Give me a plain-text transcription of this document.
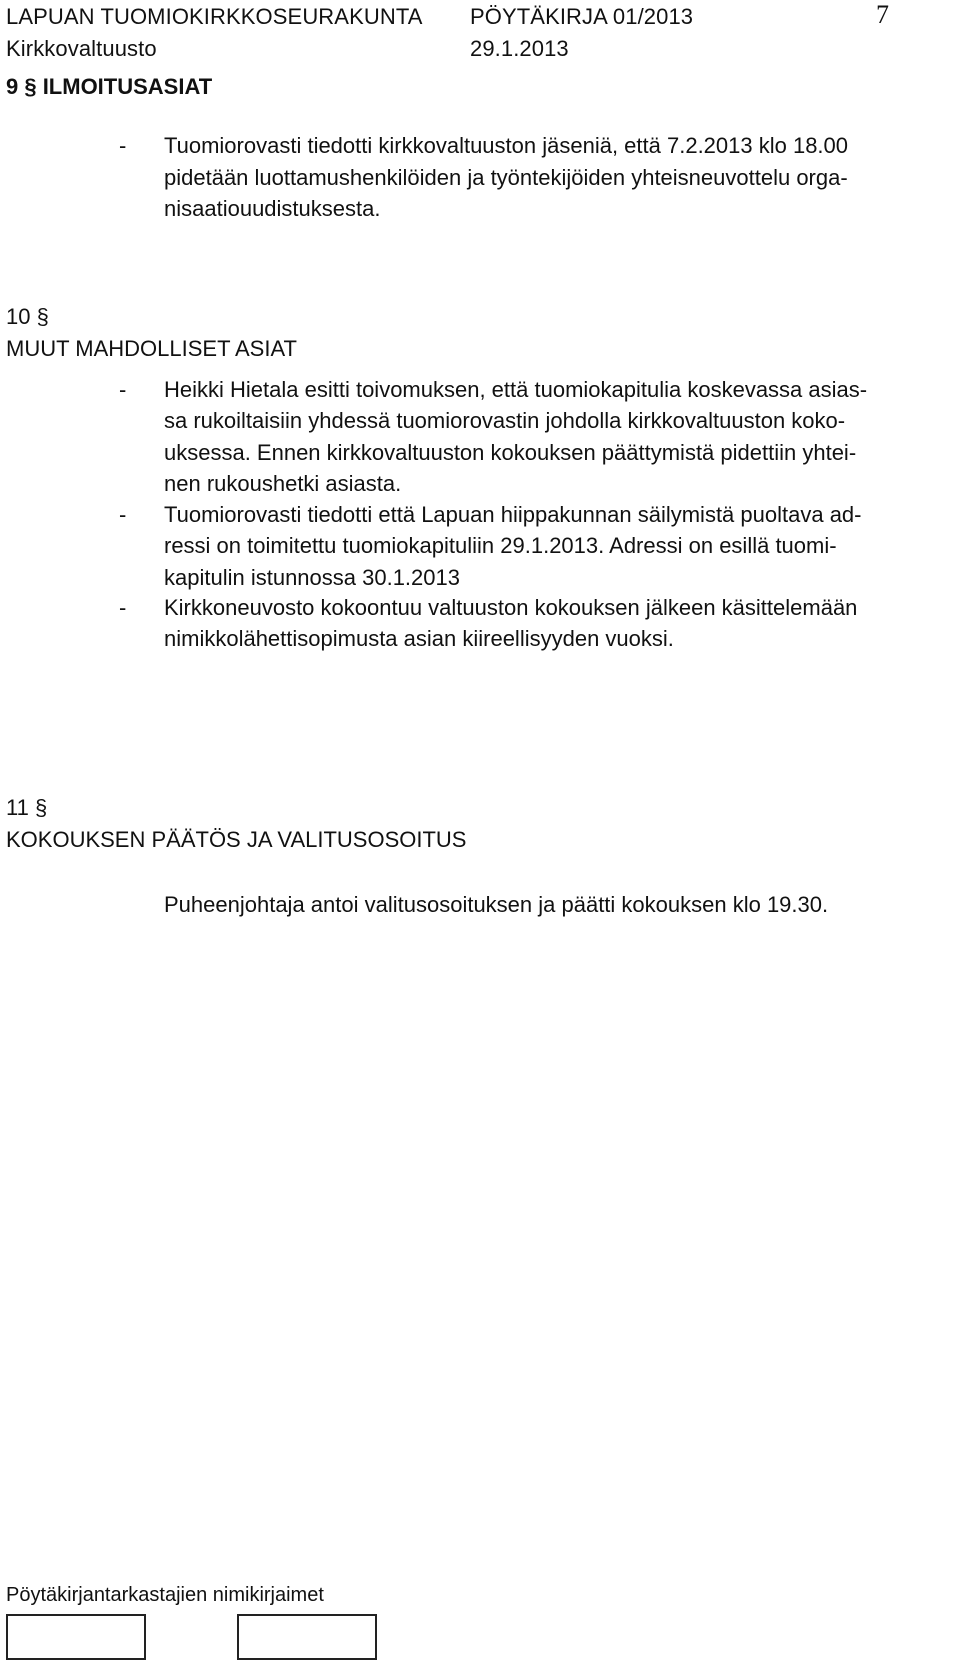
LAPUAN TUOMIOKIRKKOSEURAKUNTA PÖYTÄKIRJA 01/2013	7
Kirkkovaltuusto	29.1.2013
9 § ILMOITUSASIAT
- Tuomiorovasti tiedotti kirkkovaltuuston jäseniä, että 7.2.2013 klo 18.00
pidetään luottamushenkilöiden ja työntekijöiden yhteisneuvottelu orga-
nisaatiouudistuksesta.
10 §
MUUT MAHDOLLISET ASIAT
- Heikki Hietala esitti toivomuksen, että tuomiokapitulia koskevassa asias-
sa rukoiltaisiin yhdessä tuomiorovastin johdolla kirkkovaltuuston koko-
uksessa. Ennen kirkkovaltuuston kokouksen päättymistä pidettiin yhtei-
nen rukoushetki asiasta.
- Tuomiorovasti tiedotti että Lapuan hiippakunnan säilymistä puoltava ad-
ressi on toimitettu tuomiokapituliin 29.1.2013. Adressi on esillä tuomi-
kapitulin istunnossa 30.1.2013
- Kirkkoneuvosto kokoontuu valtuuston kokouksen jälkeen käsittelemään
nimikkolähettisopimusta asian kiireellisyyden vuoksi.
11 §
KOKOUKSEN PÄÄTÖS JA VALITUSOSOITUS
Puheenjohtaja antoi valitusosoituksen ja päätti kokouksen klo 19.30.
Pöytäkirjantarkastajien nimikirjaimet
